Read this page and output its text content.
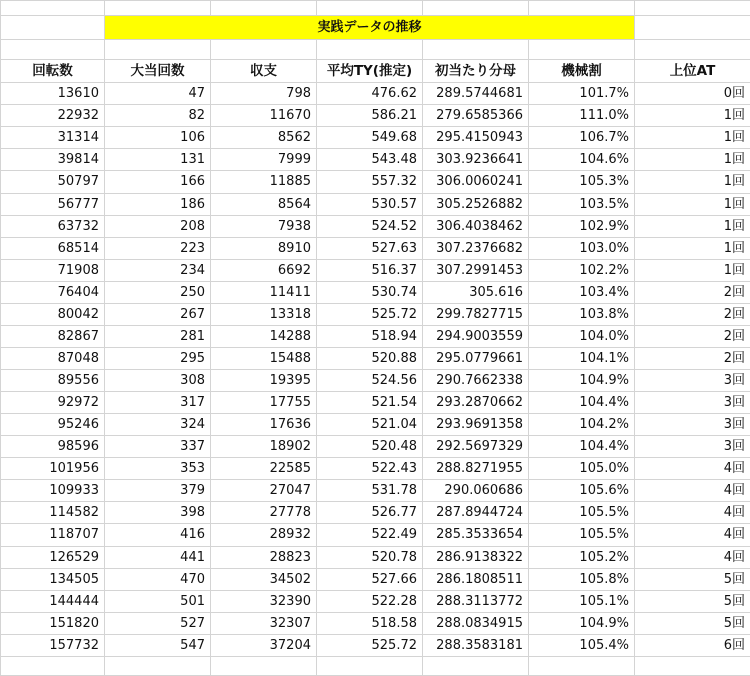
	実践データの推移					

回転数	大当回数	収支	平均TY(推定)	初当たり分母	機械割	上位AT
13610	47	798	476.62	289.5744681	101.7%	0回
22932	82	11670	586.21	279.6585366	111.0%	1回
31314	106	8562	549.68	295.4150943	106.7%	1回
39814	131	7999	543.48	303.9236641	104.6%	1回
50797	166	11885	557.32	306.0060241	105.3%	1回
56777	186	8564	530.57	305.2526882	103.5%	1回
63732	208	7938	524.52	306.4038462	102.9%	1回
68514	223	8910	527.63	307.2376682	103.0%	1回
71908	234	6692	516.37	307.2991453	102.2%	1回
76404	250	11411	530.74	305.616	103.4%	2回
80042	267	13318	525.72	299.7827715	103.8%	2回
82867	281	14288	518.94	294.9003559	104.0%	2回
87048	295	15488	520.88	295.0779661	104.1%	2回
89556	308	19395	524.56	290.7662338	104.9%	3回
92972	317	17755	521.54	293.2870662	104.4%	3回
95246	324	17636	521.04	293.9691358	104.2%	3回
98596	337	18902	520.48	292.5697329	104.4%	3回
101956	353	22585	522.43	288.8271955	105.0%	4回
109933	379	27047	531.78	290.060686	105.6%	4回
114582	398	27778	526.77	287.8944724	105.5%	4回
118707	416	28932	522.49	285.3533654	105.5%	4回
126529	441	28823	520.78	286.9138322	105.2%	4回
134505	470	34502	527.66	286.1808511	105.8%	5回
144444	501	32390	522.28	288.3113772	105.1%	5回
151820	527	32307	518.58	288.0834915	104.9%	5回
157732	547	37204	525.72	288.3583181	105.4%	6回
